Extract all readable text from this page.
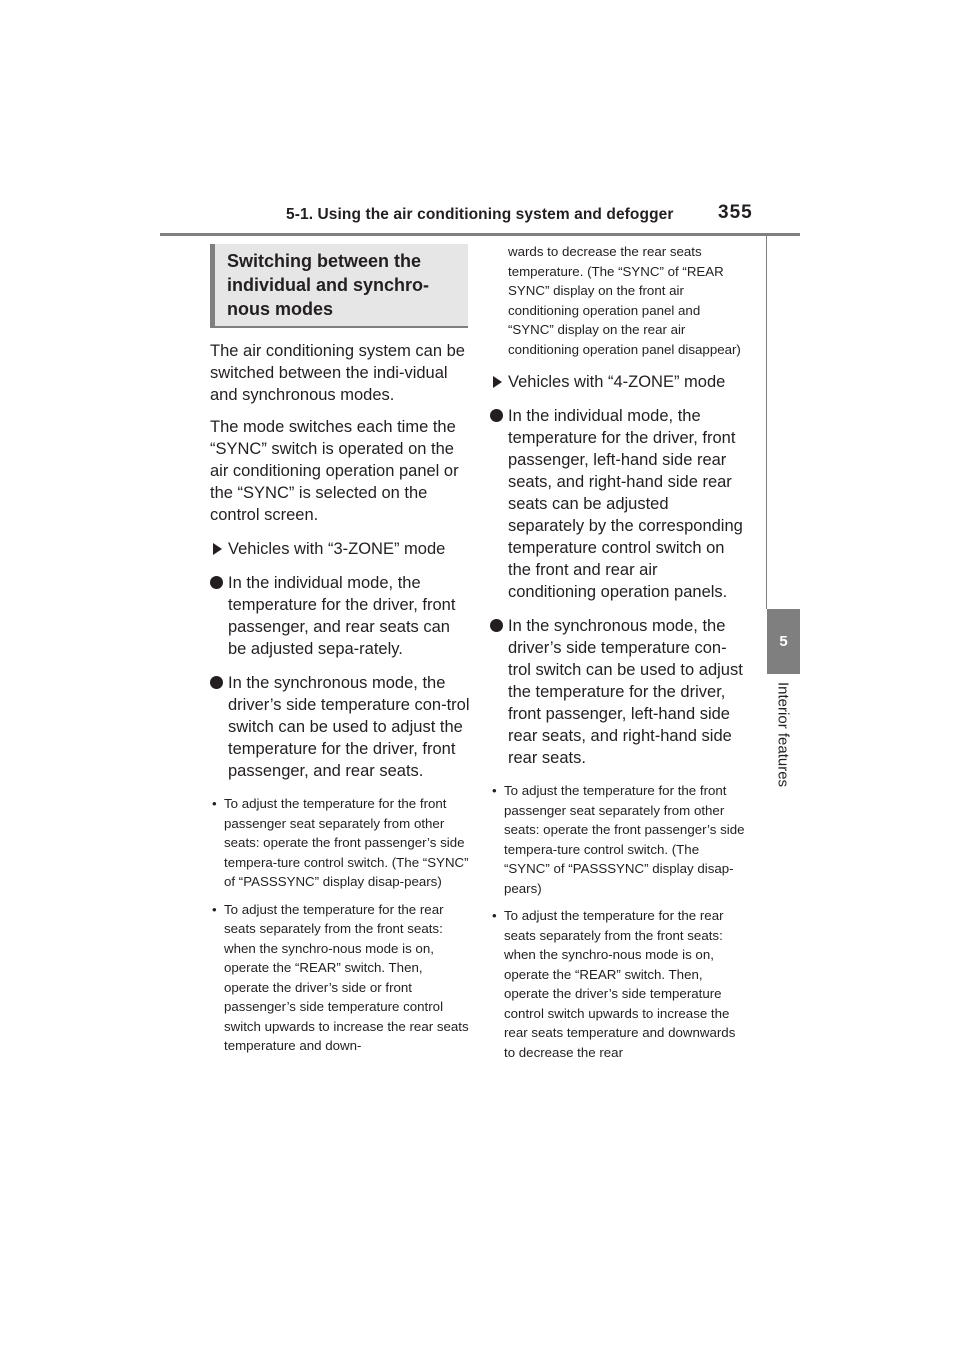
5-1. Using the air conditioning system and defogger 355
5
Interior features
Switching between the
individual and synchro-
nous modes

The air conditioning system can be switched between the indi-vidual and synchronous modes.

The mode switches each time the “SYNC” switch is operated on the air conditioning operation panel or the “SYNC” is selected on the control screen.

Vehicles with “3-ZONE” mode
In the individual mode, the temperature for the driver, front passenger, and rear seats can be adjusted sepa-rately.
In the synchronous mode, the driver’s side temperature con-trol switch can be used to adjust the temperature for the driver, front passenger, and rear seats.
• To adjust the temperature for the front passenger seat separately from other seats: operate the front passenger’s side tempera-ture control switch. (The “SYNC” of “PASSSYNC” display disap-pears)
• To adjust the temperature for the rear seats separately from the front seats: when the synchro-nous mode is on, operate the “REAR” switch. Then, operate the driver’s side or front passenger’s side temperature control switch upwards to increase the rear seats temperature and down-

wards to decrease the rear seats temperature. (The “SYNC” of “REAR SYNC” display on the front air conditioning operation panel and “SYNC” display on the rear air conditioning operation panel disappear)

Vehicles with “4-ZONE” mode
In the individual mode, the temperature for the driver, front passenger, left-hand side rear seats, and right-hand side rear seats can be adjusted separately by the corresponding temperature control switch on the front and rear air conditioning operation panels.
In the synchronous mode, the driver’s side temperature con-trol switch can be used to adjust the temperature for the driver, front passenger, left-hand side rear seats, and right-hand side rear seats.
• To adjust the temperature for the front passenger seat separately from other seats: operate the front passenger’s side tempera-ture control switch. (The “SYNC” of “PASSSYNC” display disap-pears)
• To adjust the temperature for the rear seats separately from the front seats: when the synchro-nous mode is on, operate the “REAR” switch. Then, operate the driver’s side temperature control switch upwards to increase the rear seats temperature and downwards to decrease the rear
